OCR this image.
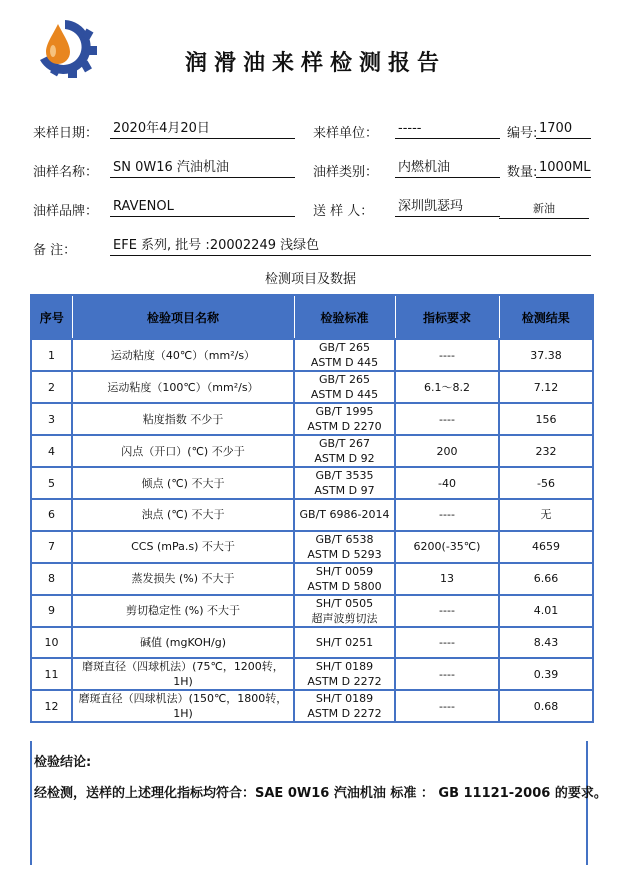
润滑油来样检测报告
来样日期： 2020年4月20日	来样单位： -----	编号: 1700
油样名称： SN 0W16 汽油机油	油样类别： 内燃机油	数量: 1000ML
油样品牌： RAVENOL	送 样 人： 深圳凯瑟玛	新油
备 注：	EFE 系列, 批号 :20002249 浅绿色
检测项目及数据
序号	检验项目名称	检验标准	指标要求	检测结果
1	运动粘度（40℃）（mm²/s）	GB/T 265
ASTM D 445	----	37.38
2	运动粘度（100℃）（mm²/s）	GB/T 265
ASTM D 445	6.1～8.2	7.12
3	粘度指数 不少于	GB/T 1995
ASTM D 2270	----	156
4	闪点（开口）(℃) 不少于	GB/T 267
ASTM D 92	200	232
5	倾点 (℃) 不大于	GB/T 3535
ASTM D 97	-40	-56
6	浊点 (℃) 不大于	GB/T 6986-2014	----	无
7	CCS (mPa.s) 不大于	GB/T 6538
ASTM D 5293	6200(-35℃)	4659
8	蒸发损失 (%) 不大于	SH/T 0059
ASTM D 5800	13	6.66
9	剪切稳定性 (%) 不大于	SH/T 0505
超声波剪切法	----	4.01
10	碱值 (mgKOH/g)	SH/T 0251	----	8.43
11	磨斑直径（四球机法）(75℃，1200转，1H)	SH/T 0189
ASTM D 2272	----	0.39
12	磨斑直径（四球机法）(150℃，1800转，1H)	SH/T 0189
ASTM D 2272	----	0.68
检验结论:
经检测，送样的上述理化指标均符合：SAE 0W16 汽油机油 标准 ： GB 11121-2006 的要求。
